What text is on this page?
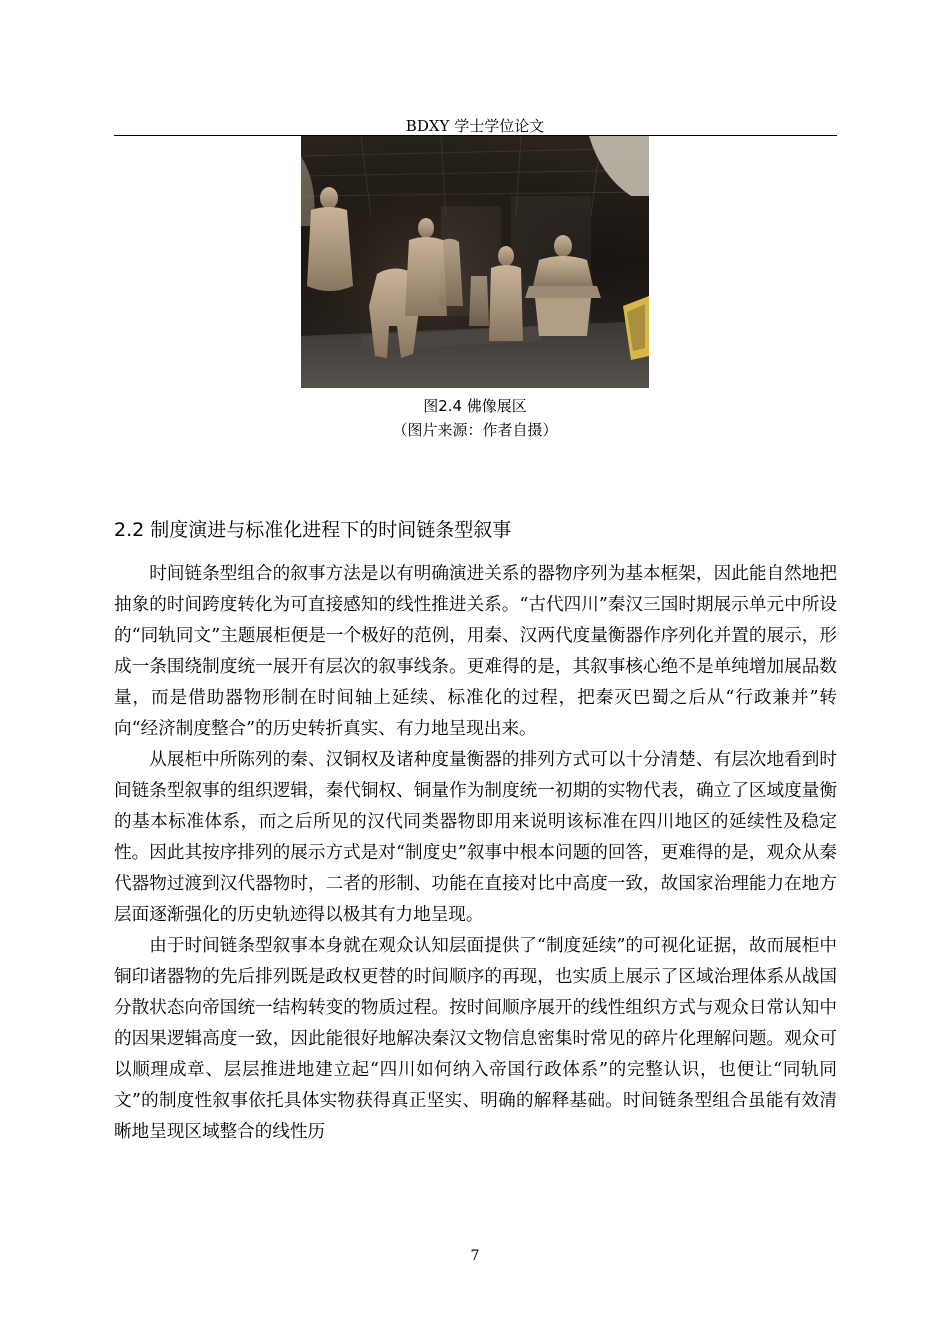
BDXY 学士学位论文
图2.4 佛像展区
（图片来源：作者自摄）
2.2 制度演进与标准化进程下的时间链条型叙事

时间链条型组合的叙事方法是以有明确演进关系的器物序列为基本框架，因此能自然地把抽象的时间跨度转化为可直接感知的线性推进关系。“古代四川”秦汉三国时期展示单元中所设的“同轨同文”主题展柜便是一个极好的范例，用秦、汉两代度量衡器作序列化并置的展示，形成一条围绕制度统一展开有层次的叙事线条。更难得的是，其叙事核心绝不是单纯增加展品数量，而是借助器物形制在时间轴上延续、标准化的过程，把秦灭巴蜀之后从“行政兼并”转向“经济制度整合”的历史转折真实、有力地呈现出来。

从展柜中所陈列的秦、汉铜权及诸种度量衡器的排列方式可以十分清楚、有层次地看到时间链条型叙事的组织逻辑，秦代铜权、铜量作为制度统一初期的实物代表，确立了区域度量衡的基本标准体系，而之后所见的汉代同类器物即用来说明该标准在四川地区的延续性及稳定性。因此其按序排列的展示方式是对“制度史”叙事中根本问题的回答，更难得的是，观众从秦代器物过渡到汉代器物时，二者的形制、功能在直接对比中高度一致，故国家治理能力在地方层面逐渐强化的历史轨迹得以极其有力地呈现。

由于时间链条型叙事本身就在观众认知层面提供了“制度延续”的可视化证据，故而展柜中铜印诸器物的先后排列既是政权更替的时间顺序的再现，也实质上展示了区域治理体系从战国分散状态向帝国统一结构转变的物质过程。按时间顺序展开的线性组织方式与观众日常认知中的因果逻辑高度一致，因此能很好地解决秦汉文物信息密集时常见的碎片化理解问题。观众可以顺理成章、层层推进地建立起“四川如何纳入帝国行政体系”的完整认识，也便让“同轨同文”的制度性叙事依托具体实物获得真正坚实、明确的解释基础。时间链条型组合虽能有效清晰地呈现区域整合的线性历

7
